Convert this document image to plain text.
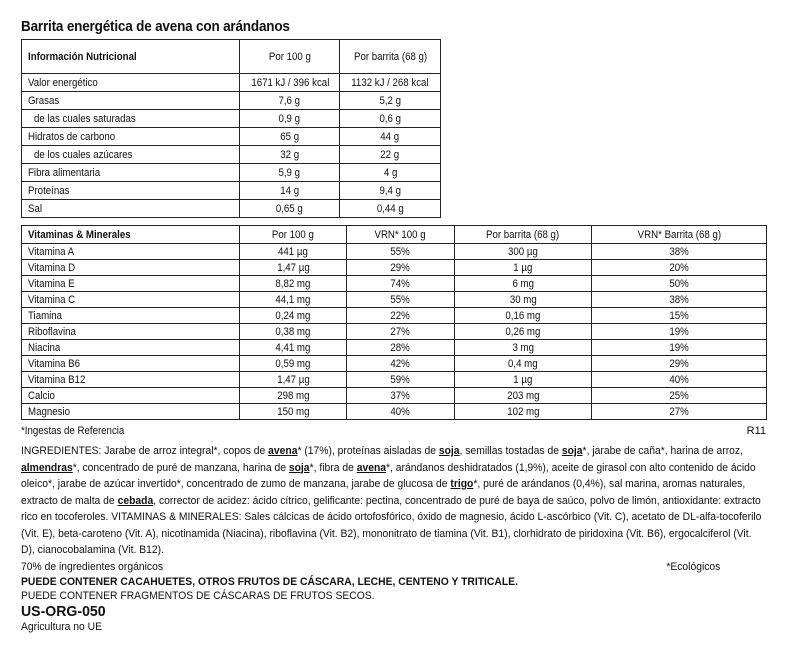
Barrita energética de avena con arándanos
Información Nutricional	Por 100 g	Por barrita (68 g)
Valor energético	1671 kJ / 396 kcal	1132 kJ / 268 kcal
Grasas	7,6 g	5,2 g
de las cuales saturadas	0,9 g	0,6 g
Hidratos de carbono	65 g	44 g
de los cuales azúcares	32 g	22 g
Fibra alimentaria	5,9 g	4 g
Proteínas	14 g	9,4 g
Sal	0,65 g	0,44 g
Vitaminas & Minerales	Por 100 g	VRN* 100 g	Por barrita (68 g)	VRN* Barrita (68 g)
Vitamina A	441 µg	55%	300 µg	38%
Vitamina D	1,47 µg	29%	1 µg	20%
Vitamina E	8,82 mg	74%	6 mg	50%
Vitamina C	44,1 mg	55%	30 mg	38%
Tiamina	0,24 mg	22%	0,16 mg	15%
Riboflavina	0,38 mg	27%	0,26 mg	19%
Niacina	4,41 mg	28%	3 mg	19%
Vitamina B6	0,59 mg	42%	0,4 mg	29%
Vitamina B12	1,47 µg	59%	1 µg	40%
Calcio	298 mg	37%	203 mg	25%
Magnesio	150 mg	40%	102 mg	27%
*Ingestas de Referencia	R11

INGREDIENTES: Jarabe de arroz integral*, copos de avena* (17%), proteínas aisladas de soja, semillas tostadas de soja*, jarabe de caña*, harina de arroz, almendras*, concentrado de puré de manzana, harina de soja*, fibra de avena*, arándanos deshidratados (1,9%), aceite de girasol con alto contenido de ácido oleico*, jarabe de azúcar invertido*, concentrado de zumo de manzana, jarabe de glucosa de trigo*, puré de arándanos (0,4%), sal marina, aromas naturales, extracto de malta de cebada, corrector de acidez: ácido cítrico, gelificante: pectina, concentrado de puré de baya de saúco, polvo de limón, antioxidante: extracto rico en tocoferoles. VITAMINAS & MINERALES: Sales cálcicas de ácido ortofosfórico, óxido de magnesio, ácido L-ascórbico (Vit. C), acetato de DL-alfa-tocoferilo (Vit. E), beta-caroteno (Vit. A), nicotinamida (Niacina), riboflavina (Vit. B2), mononitrato de tiamina (Vit. B1), clorhidrato de piridoxina (Vit. B6), ergocalciferol (Vit. D), cianocobalamina (Vit. B12).

70% de ingredientes orgánicos	*Ecológicos
PUEDE CONTENER CACAHUETES, OTROS FRUTOS DE CÁSCARA, LECHE, CENTENO Y TRITICALE.
PUEDE CONTENER FRAGMENTOS DE CÁSCARAS DE FRUTOS SECOS.
US-ORG-050
Agricultura no UE
